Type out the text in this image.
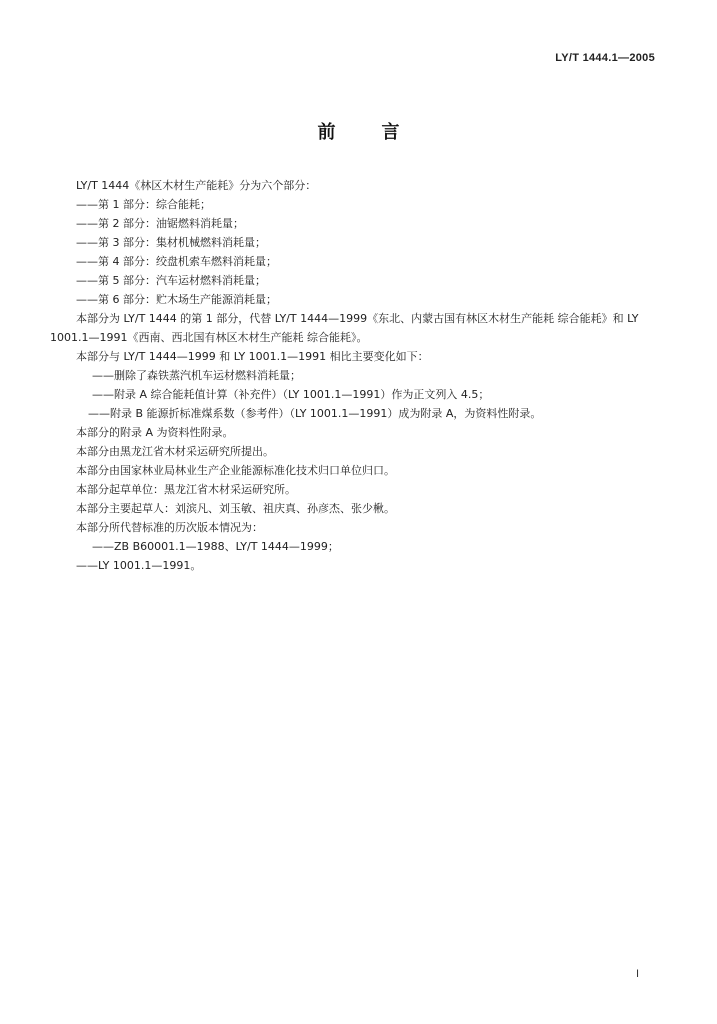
LY/T 1444.1—2005
前言
LY/T 1444《林区木材生产能耗》分为六个部分：
——第 1 部分：综合能耗；
——第 2 部分：油锯燃料消耗量；
——第 3 部分：集材机械燃料消耗量；
——第 4 部分：绞盘机索车燃料消耗量；
——第 5 部分：汽车运材燃料消耗量；
——第 6 部分：贮木场生产能源消耗量；
本部分为 LY/T 1444 的第 1 部分，代替 LY/T 1444—1999《东北、内蒙古国有林区木材生产能耗 综合能耗》和 LY 1001.1—1991《西南、西北国有林区木材生产能耗 综合能耗》。
本部分与 LY/T 1444—1999 和 LY 1001.1—1991 相比主要变化如下：
——删除了森铁蒸汽机车运材燃料消耗量；
——附录 A 综合能耗值计算（补充件）（LY 1001.1—1991）作为正文列入 4.5；
——附录 B 能源折标准煤系数（参考件）（LY 1001.1—1991）成为附录 A，为资料性附录。
本部分的附录 A 为资料性附录。
本部分由黑龙江省木材采运研究所提出。
本部分由国家林业局林业生产企业能源标准化技术归口单位归口。
本部分起草单位：黑龙江省木材采运研究所。
本部分主要起草人：刘滨凡、刘玉敏、祖庆真、孙彦杰、张少楸。
本部分所代替标准的历次版本情况为：
——ZB B60001.1—1988、LY/T 1444—1999；
——LY 1001.1—1991。
I
